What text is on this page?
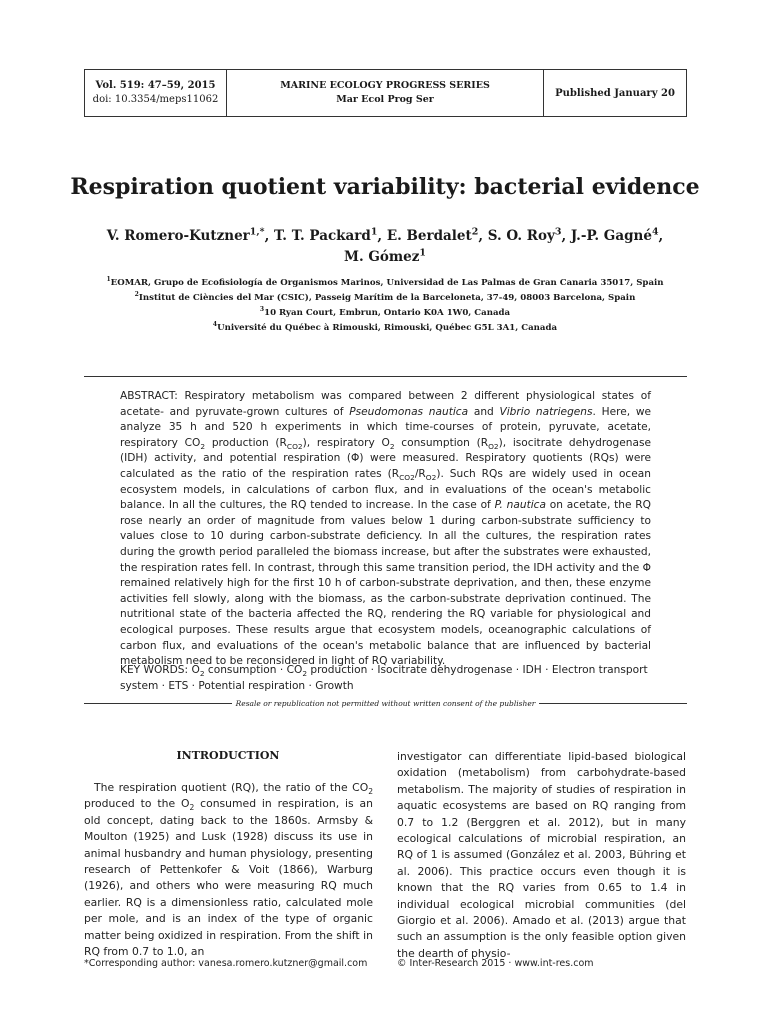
Vol. 519: 47–59, 2015
doi: 10.3354/meps11062
MARINE ECOLOGY PROGRESS SERIES
Mar Ecol Prog Ser
Published January 20
Respiration quotient variability: bacterial evidence
V. Romero-Kutzner$^{1,*}$, T. T. Packard$^1$, E. Berdalet$^2$, S. O. Roy$^3$, J.-P. Gagné$^4$,
M. Gómez$^1$
$^1$EOMAR, Grupo de Ecofisiología de Organismos Marinos, Universidad de Las Palmas de Gran Canaria 35017, Spain
$^2$Institut de Ciències del Mar (CSIC), Passeig Marítim de la Barceloneta, 37-49, 08003 Barcelona, Spain
$^3$10 Ryan Court, Embrun, Ontario K0A 1W0, Canada
$^4$Université du Québec à Rimouski, Rimouski, Québec G5L 3A1, Canada
ABSTRACT: Respiratory metabolism was compared between 2 different physiological states of acetate- and pyruvate-grown cultures of Pseudomonas nautica and Vibrio natriegens. Here, we analyze 35 h and 520 h experiments in which time-courses of protein, pyruvate, acetate, respiratory $CO_2$ production $(R_{CO2})$, respiratory $O_2$ consumption $(R_{O2})$, isocitrate dehydrogenase (IDH) activity, and potential respiration (Φ) were measured. Respiratory quotients (RQs) were calculated as the ratio of the respiration rates $(R_{CO2}/R_{O2})$. Such RQs are widely used in ocean ecosystem models, in calculations of carbon flux, and in evaluations of the ocean's metabolic balance. In all the cultures, the RQ tended to increase. In the case of P. nautica on acetate, the RQ rose nearly an order of magnitude from values below 1 during carbon-substrate sufficiency to values close to 10 during carbon-substrate deficiency. In all the cultures, the respiration rates during the growth period paralleled the biomass increase, but after the substrates were exhausted, the respiration rates fell. In contrast, through this same transition period, the IDH activity and the Φ remained relatively high for the first 10 h of carbon-substrate deprivation, and then, these enzyme activities fell slowly, along with the biomass, as the carbon-substrate deprivation continued. The nutritional state of the bacteria affected the RQ, rendering the RQ variable for physiological and ecological purposes. These results argue that ecosystem models, oceanographic calculations of carbon flux, and evaluations of the ocean's metabolic balance that are influenced by bacterial metabolism need to be reconsidered in light of RQ variability.
KEY WORDS: $O_2$ consumption · $CO_2$ production · Isocitrate dehydrogenase · IDH · Electron transport system · ETS · Potential respiration · Growth
Resale or republication not permitted without written consent of the publisher
INTRODUCTION

The respiration quotient (RQ), the ratio of the $CO_2$ produced to the $O_2$ consumed in respiration, is an old concept, dating back to the 1860s. Armsby & Moulton (1925) and Lusk (1928) discuss its use in animal husbandry and human physiology, presenting research of Pettenkofer & Voit (1866), Warburg (1926), and others who were measuring RQ much earlier. RQ is a dimensionless ratio, calculated mole per mole, and is an index of the type of organic matter being oxidized in respiration. From the shift in RQ from 0.7 to 1.0, an

investigator can differentiate lipid-based biological oxidation (metabolism) from carbohydrate-based metabolism. The majority of studies of respiration in aquatic ecosystems are based on RQ ranging from 0.7 to 1.2 (Berggren et al. 2012), but in many ecological calculations of microbial respiration, an RQ of 1 is assumed (González et al. 2003, Bühring et al. 2006). This practice occurs even though it is known that the RQ varies from 0.65 to 1.4 in individual ecological microbial communities (del Giorgio et al. 2006). Amado et al. (2013) argue that such an assumption is the only feasible option given the dearth of physio-

*Corresponding author: vanesa.romero.kutzner@gmail.com	© Inter-Research 2015 · www.int-res.com
